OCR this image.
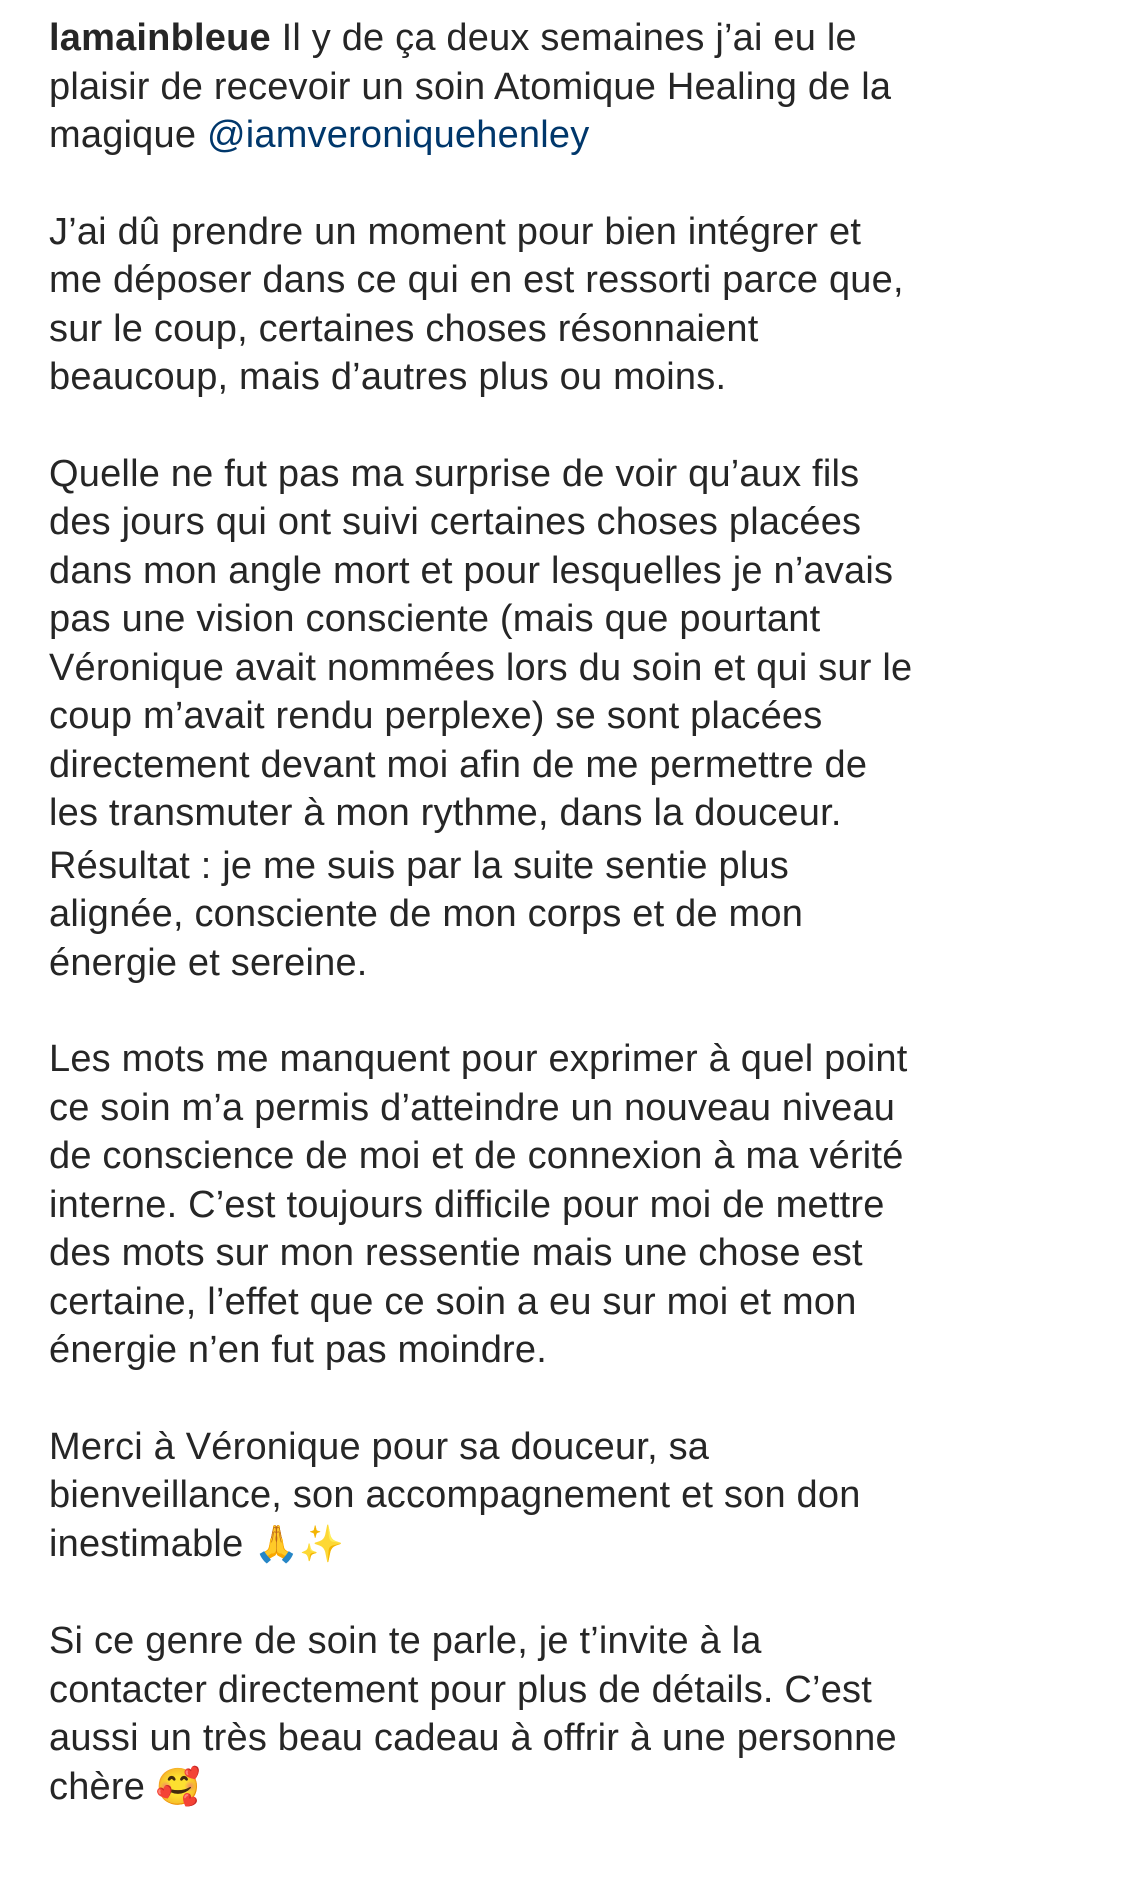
lamainbleue Il y de ça deux semaines j’ai eu le
plaisir de recevoir un soin Atomique Healing de la
magique @iamveroniquehenley

J’ai dû prendre un moment pour bien intégrer et
me déposer dans ce qui en est ressorti parce que,
sur le coup, certaines choses résonnaient
beaucoup, mais d’autres plus ou moins.

Quelle ne fut pas ma surprise de voir qu’aux fils
des jours qui ont suivi certaines choses placées
dans mon angle mort et pour lesquelles je n’avais
pas une vision consciente (mais que pourtant
Véronique avait nommées lors du soin et qui sur le
coup m’avait rendu perplexe) se sont placées
directement devant moi afin de me permettre de
les transmuter à mon rythme, dans la douceur.

Résultat : je me suis par la suite sentie plus
alignée, consciente de mon corps et de mon
énergie et sereine.

Les mots me manquent pour exprimer à quel point
ce soin m’a permis d’atteindre un nouveau niveau
de conscience de moi et de connexion à ma vérité
interne. C’est toujours difficile pour moi de mettre
des mots sur mon ressentie mais une chose est
certaine, l’effet que ce soin a eu sur moi et mon
énergie n’en fut pas moindre.

Merci à Véronique pour sa douceur, sa
bienveillance, son accompagnement et son don
inestimable 🙏✨

Si ce genre de soin te parle, je t’invite à la
contacter directement pour plus de détails. C’est
aussi un très beau cadeau à offrir à une personne
chère 🥰
